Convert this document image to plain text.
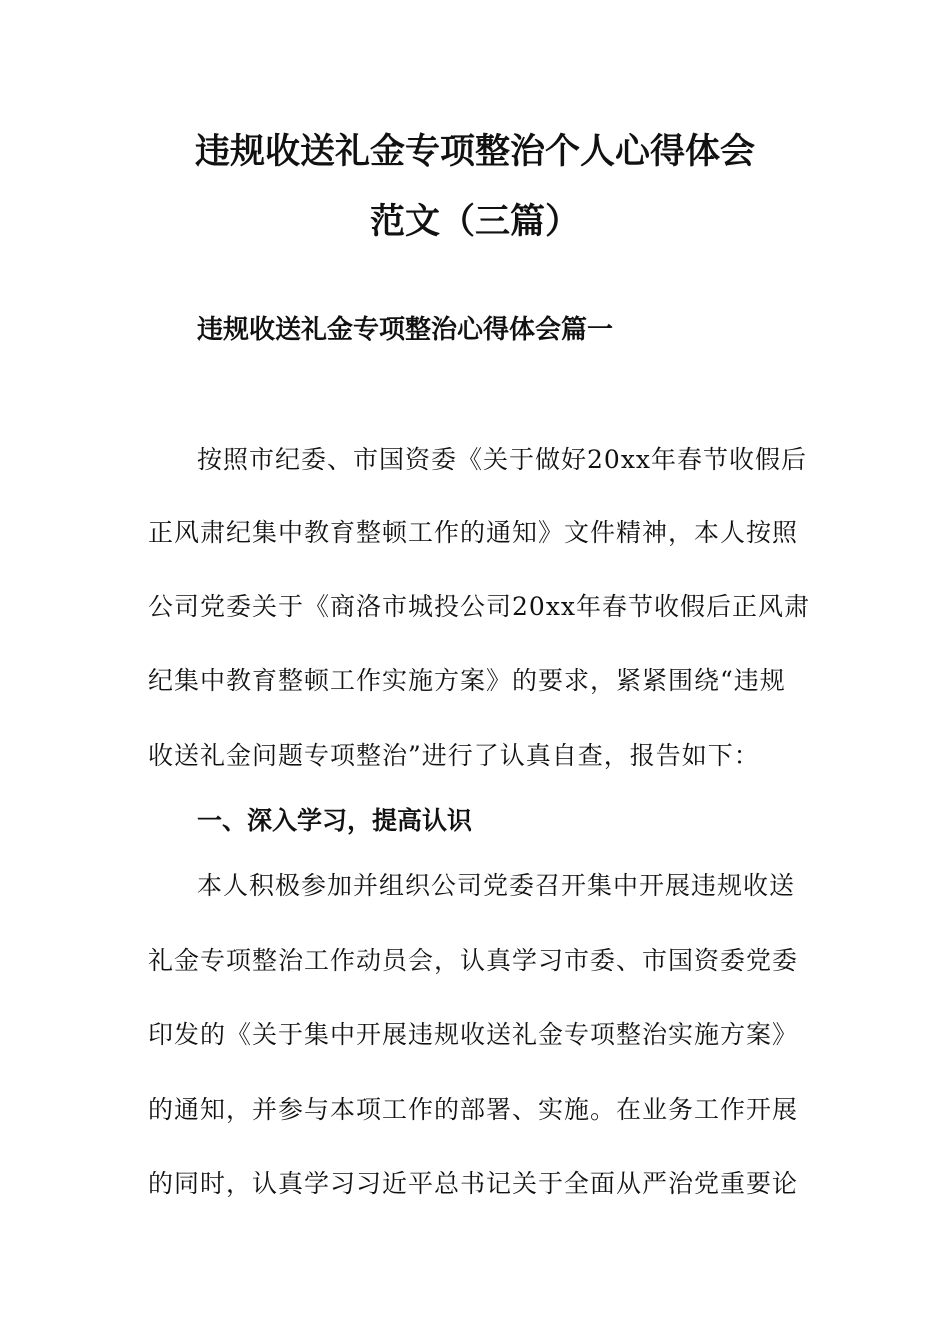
违规收送礼金专项整治个人心得体会
范文（三篇）
违规收送礼金专项整治心得体会篇一
按照市纪委、市国资委《关于做好20xx年春节收假后
正风肃纪集中教育整顿工作的通知》文件精神，本人按照
公司党委关于《商洛市城投公司20xx年春节收假后正风肃
纪集中教育整顿工作实施方案》的要求，紧紧围绕“违规
收送礼金问题专项整治”进行了认真自查，报告如下：
一、深入学习，提高认识
本人积极参加并组织公司党委召开集中开展违规收送
礼金专项整治工作动员会，认真学习市委、市国资委党委
印发的《关于集中开展违规收送礼金专项整治实施方案》
的通知，并参与本项工作的部署、实施。在业务工作开展
的同时，认真学习习近平总书记关于全面从严治党重要论
